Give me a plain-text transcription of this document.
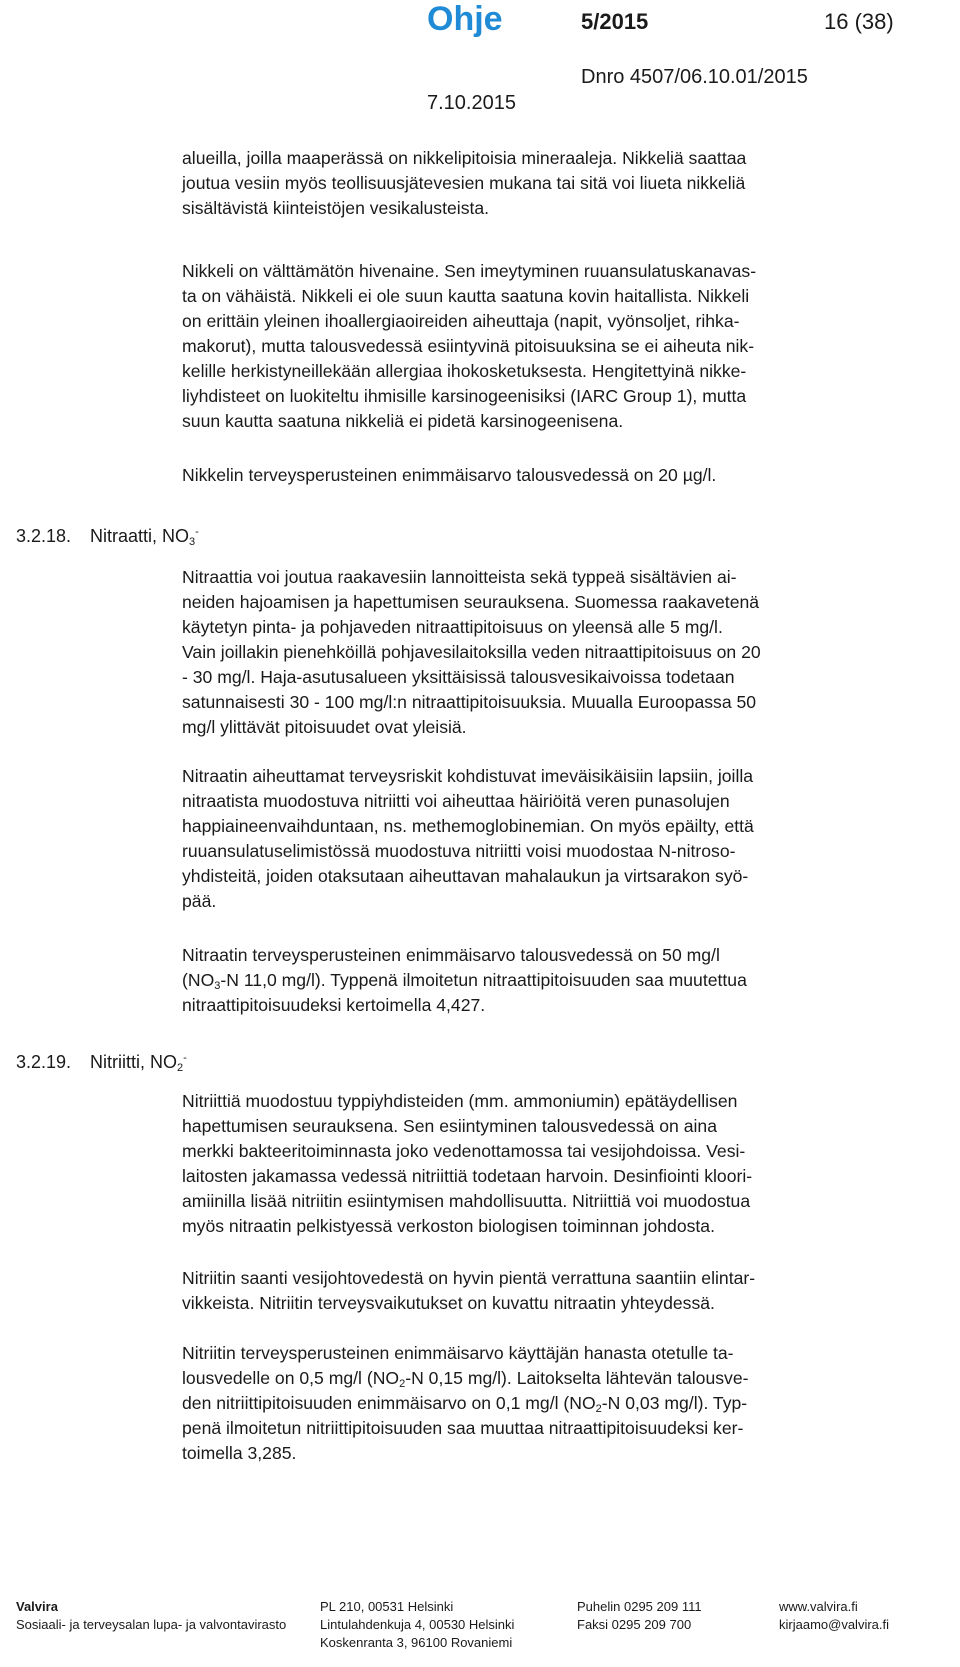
Ohje	5/2015	16 (38)
Dnro 4507/06.10.01/2015
7.10.2015
alueilla, joilla maaperässä on nikkelipitoisia mineraaleja. Nikkeliä saattaa
joutua vesiin myös teollisuusjätevesien mukana tai sitä voi liueta nikkeliä
sisältävistä kiinteistöjen vesikalusteista.
Nikkeli on välttämätön hivenaine. Sen imeytyminen ruuansulatuskanavas-
ta on vähäistä. Nikkeli ei ole suun kautta saatuna kovin haitallista. Nikkeli
on erittäin yleinen ihoallergiaoireiden aiheuttaja (napit, vyönsoljet, rihka-
makorut), mutta talousvedessä esiintyvinä pitoisuuksina se ei aiheuta nik-
kelille herkistyneillekään allergiaa ihokosketuksesta. Hengitettyinä nikke-
liyhdisteet on luokiteltu ihmisille karsinogeenisiksi (IARC Group 1), mutta
suun kautta saatuna nikkeliä ei pidetä karsinogeenisena.
Nikkelin terveysperusteinen enimmäisarvo talousvedessä on 20 µg/l.
3.2.18. Nitraatti, $NO_3^-$
Nitraattia voi joutua raakavesiin lannoitteista sekä typpeä sisältävien ai-
neiden hajoamisen ja hapettumisen seurauksena. Suomessa raakavetenä
käytetyn pinta- ja pohjaveden nitraattipitoisuus on yleensä alle 5 mg/l.
Vain joillakin pienehköillä pohjavesilaitoksilla veden nitraattipitoisuus on 20
- 30 mg/l. Haja-asutusalueen yksittäisissä talousvesikaivoissa todetaan
satunnaisesti 30 - 100 mg/l:n nitraattipitoisuuksia. Muualla Euroopassa 50
mg/l ylittävät pitoisuudet ovat yleisiä.
Nitraatin aiheuttamat terveysriskit kohdistuvat imeväisikäisiin lapsiin, joilla
nitraatista muodostuva nitriitti voi aiheuttaa häiriöitä veren punasolujen
happiaineenvaihduntaan, ns. methemoglobinemian. On myös epäilty, että
ruuansulatuselimistössä muodostuva nitriitti voisi muodostaa N-nitroso-
yhdisteitä, joiden otaksutaan aiheuttavan mahalaukun ja virtsarakon syö-
pää.
Nitraatin terveysperusteinen enimmäisarvo talousvedessä on 50 mg/l
($NO_3-N$ 11,0 mg/l). Typpenä ilmoitetun nitraattipitoisuuden saa muutettua
nitraattipitoisuudeksi kertoimella 4,427.
3.2.19. Nitriitti, $NO_2^-$
Nitriittiä muodostuu typpiyhdisteiden (mm. ammoniumin) epätäydellisen
hapettumisen seurauksena. Sen esiintyminen talousvedessä on aina
merkki bakteeritoiminnasta joko vedenottamossa tai vesijohdoissa. Vesi-
laitosten jakamassa vedessä nitriittiä todetaan harvoin. Desinfiointi kloori-
amiinilla lisää nitriitin esiintymisen mahdollisuutta. Nitriittiä voi muodostua
myös nitraatin pelkistyessä verkoston biologisen toiminnan johdosta.
Nitriitin saanti vesijohtovedestä on hyvin pientä verrattuna saantiin elintar-
vikkeista. Nitriitin terveysvaikutukset on kuvattu nitraatin yhteydessä.
Nitriitin terveysperusteinen enimmäisarvo käyttäjän hanasta otetulle ta-
lousvedelle on 0,5 mg/l ($NO_2-N$ 0,15 mg/l). Laitokselta lähtevän talousve-
den nitriittipitoisuuden enimmäisarvo on 0,1 mg/l ($NO_2-N$ 0,03 mg/l). Typ-
penä ilmoitetun nitriittipitoisuuden saa muuttaa nitraattipitoisuudeksi ker-
toimella 3,285.
Valvira
Sosiaali- ja terveysalan lupa- ja valvontavirasto
PL 210, 00531 Helsinki
Lintulahdenkuja 4, 00530 Helsinki
Koskenranta 3, 96100 Rovaniemi
Puhelin 0295 209 111
Faksi 0295 209 700
www.valvira.fi
kirjaamo@valvira.fi
